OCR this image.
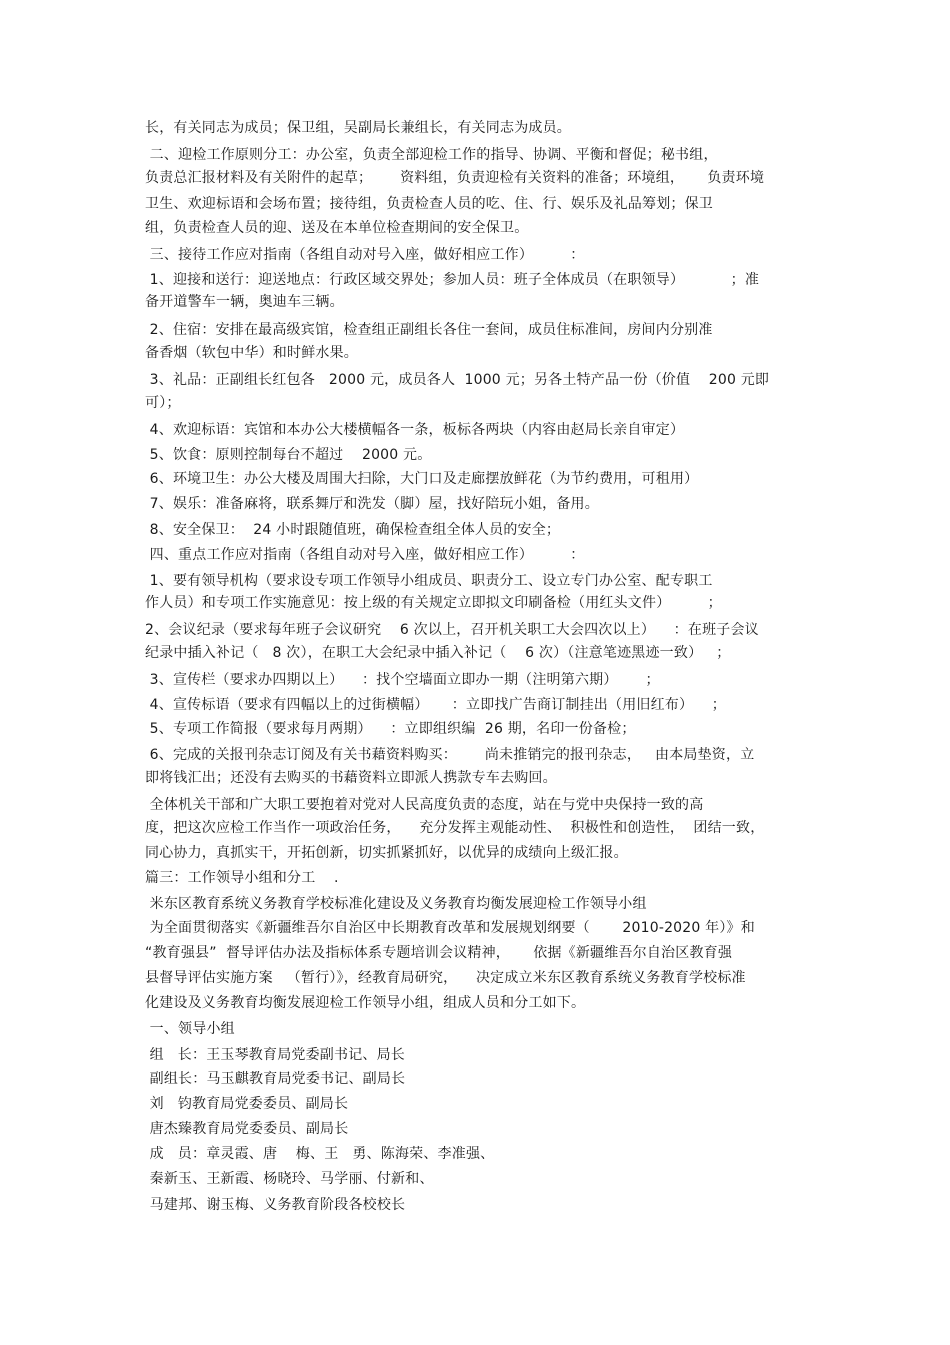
长，有关同志为成员；保卫组，吴副局长兼组长，有关同志为成员。
二、迎检工作原则分工：办公室，负责全部迎检工作的指导、协调、平衡和督促；秘书组，
负责总汇报材料及有关附件的起草；      资料组，负责迎检有关资料的准备；环境组，     负责环境
卫生、欢迎标语和会场布置；接待组，负责检查人员的吃、住、行、娱乐及礼品筹划；保卫
组，负责检查人员的迎、送及在本单位检查期间的安全保卫。
三、接待工作应对指南（各组自动对号入座，做好相应工作）        ：
1、迎接和送行：迎送地点：行政区域交界处；参加人员：班子全体成员（在职领导）          ；准
备开道警车一辆，奥迪车三辆。
2、住宿：安排在最高级宾馆，检查组正副组长各住一套间，成员住标准间，房间内分别准
备香烟（软包中华）和时鲜水果。
3、礼品：正副组长红包各   2000 元，成员各人  1000 元；另各土特产品一份（价值    200 元即
可）；
4、欢迎标语：宾馆和本办公大楼横幅各一条，板标各两块（内容由赵局长亲自审定）
5、饮食：原则控制每台不超过    2000 元。
6、环境卫生：办公大楼及周围大扫除，大门口及走廊摆放鲜花（为节约费用，可租用）
7、娱乐：准备麻将，联系舞厅和洗发（脚）屋，找好陪玩小姐，备用。
8、安全保卫：  24 小时跟随值班，确保检查组全体人员的安全；
四、重点工作应对指南（各组自动对号入座，做好相应工作）        ：
1、要有领导机构（要求设专项工作领导小组成员、职责分工、设立专门办公室、配专职工
作人员）和专项工作实施意见：按上级的有关规定立即拟文印刷备检（用红头文件）        ；
2、会议纪录（要求每年班子会议研究    6 次以上，召开机关职工大会四次以上）    ：在班子会议
纪录中插入补记（   8 次），在职工大会纪录中插入补记（    6 次）（注意笔迹黑迹一致）   ；
3、宣传栏（要求办四期以上）    ：找个空墙面立即办一期（注明第六期）      ；
4、宣传标语（要求有四幅以上的过街横幅）     ：立即找广告商订制挂出（用旧红布）    ；
5、专项工作简报（要求每月两期）    ：立即组织编  26 期，名印一份备检；
6、完成的关报刊杂志订阅及有关书藉资料购买：      尚未推销完的报刊杂志，   由本局垫资，立
即将钱汇出；还没有去购买的书藉资料立即派人携款专车去购回。
全体机关干部和广大职工要抱着对党对人民高度负责的态度，站在与党中央保持一致的高
度，把这次应检工作当作一项政治任务，    充分发挥主观能动性、  积极性和创造性，  团结一致，
同心协力，真抓实干，开拓创新，切实抓紧抓好，以优异的成绩向上级汇报。
篇三：工作领导小组和分工    .
米东区教育系统义务教育学校标准化建设及义务教育均衡发展迎检工作领导小组
为全面贯彻落实《新疆维吾尔自治区中长期教育改革和发展规划纲要（       2010-2020 年）》和
“教育强县”  督导评估办法及指标体系专题培训会议精神，     依据《新疆维吾尔自治区教育强
县督导评估实施方案   （暂行）》，经教育局研究，    决定成立米东区教育系统义务教育学校标准
化建设及义务教育均衡发展迎检工作领导小组，组成人员和分工如下。
一、领导小组
组   长：王玉琴教育局党委副书记、局长
副组长：马玉麒教育局党委书记、副局长
刘   钧教育局党委委员、副局长
唐杰臻教育局党委委员、副局长
成   员：章灵霞、唐    梅、王   勇、陈海荣、李准强、
秦新玉、王新霞、杨晓玲、马学丽、付新和、
马建邦、谢玉梅、义务教育阶段各校校长
